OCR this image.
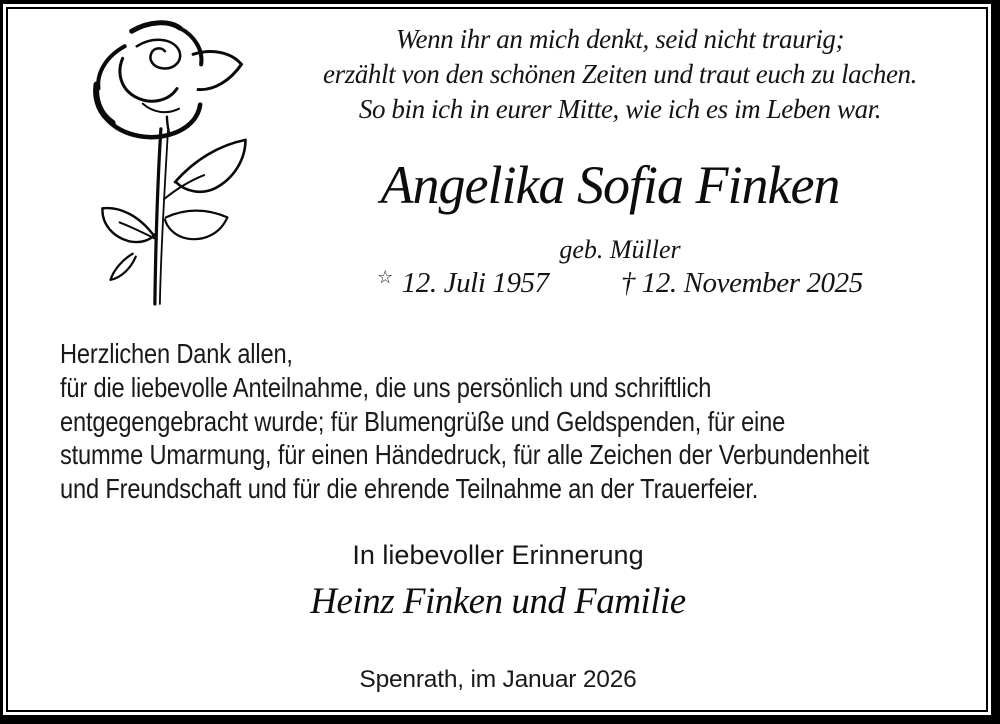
Wenn ihr an mich denkt, seid nicht traurig;
erzählt von den schönen Zeiten und traut euch zu lachen.
So bin ich in eurer Mitte, wie ich es im Leben war.
Angelika Sofia Finken
geb. Müller
☆ 12. Juli 1957 † 12. November 2025
Herzlichen Dank allen,
für die liebevolle Anteilnahme, die uns persönlich und schriftlich
entgegengebracht wurde; für Blumengrüße und Geldspenden, für eine
stumme Umarmung, für einen Händedruck, für alle Zeichen der Verbundenheit
und Freundschaft und für die ehrende Teilnahme an der Trauerfeier.
In liebevoller Erinnerung
Heinz Finken und Familie
Spenrath, im Januar 2026
